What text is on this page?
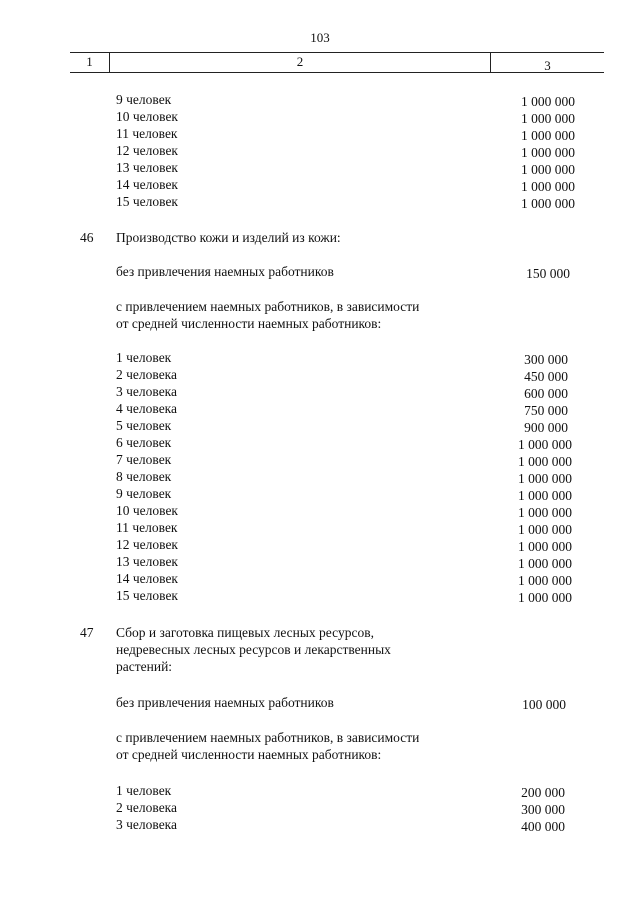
103
1	2	3
9 человек	1 000 000
10 человек	1 000 000
11 человек	1 000 000
12 человек	1 000 000
13 человек	1 000 000
14 человек	1 000 000
15 человек	1 000 000
46 Производство кожи и изделий из кожи:
без привлечения наемных работников	150 000
с привлечением наемных работников, в зависимости
от средней численности наемных работников:
1 человек	300 000
2 человека	450 000
3 человека	600 000
4 человека	750 000
5 человек	900 000
6 человек	1 000 000
7 человек	1 000 000
8 человек	1 000 000
9 человек	1 000 000
10 человек	1 000 000
11 человек	1 000 000
12 человек	1 000 000
13 человек	1 000 000
14 человек	1 000 000
15 человек	1 000 000
47 Сбор и заготовка пищевых лесных ресурсов,
недревесных лесных ресурсов и лекарственных
растений:
без привлечения наемных работников	100 000
с привлечением наемных работников, в зависимости
от средней численности наемных работников:
1 человек	200 000
2 человека	300 000
3 человека	400 000
